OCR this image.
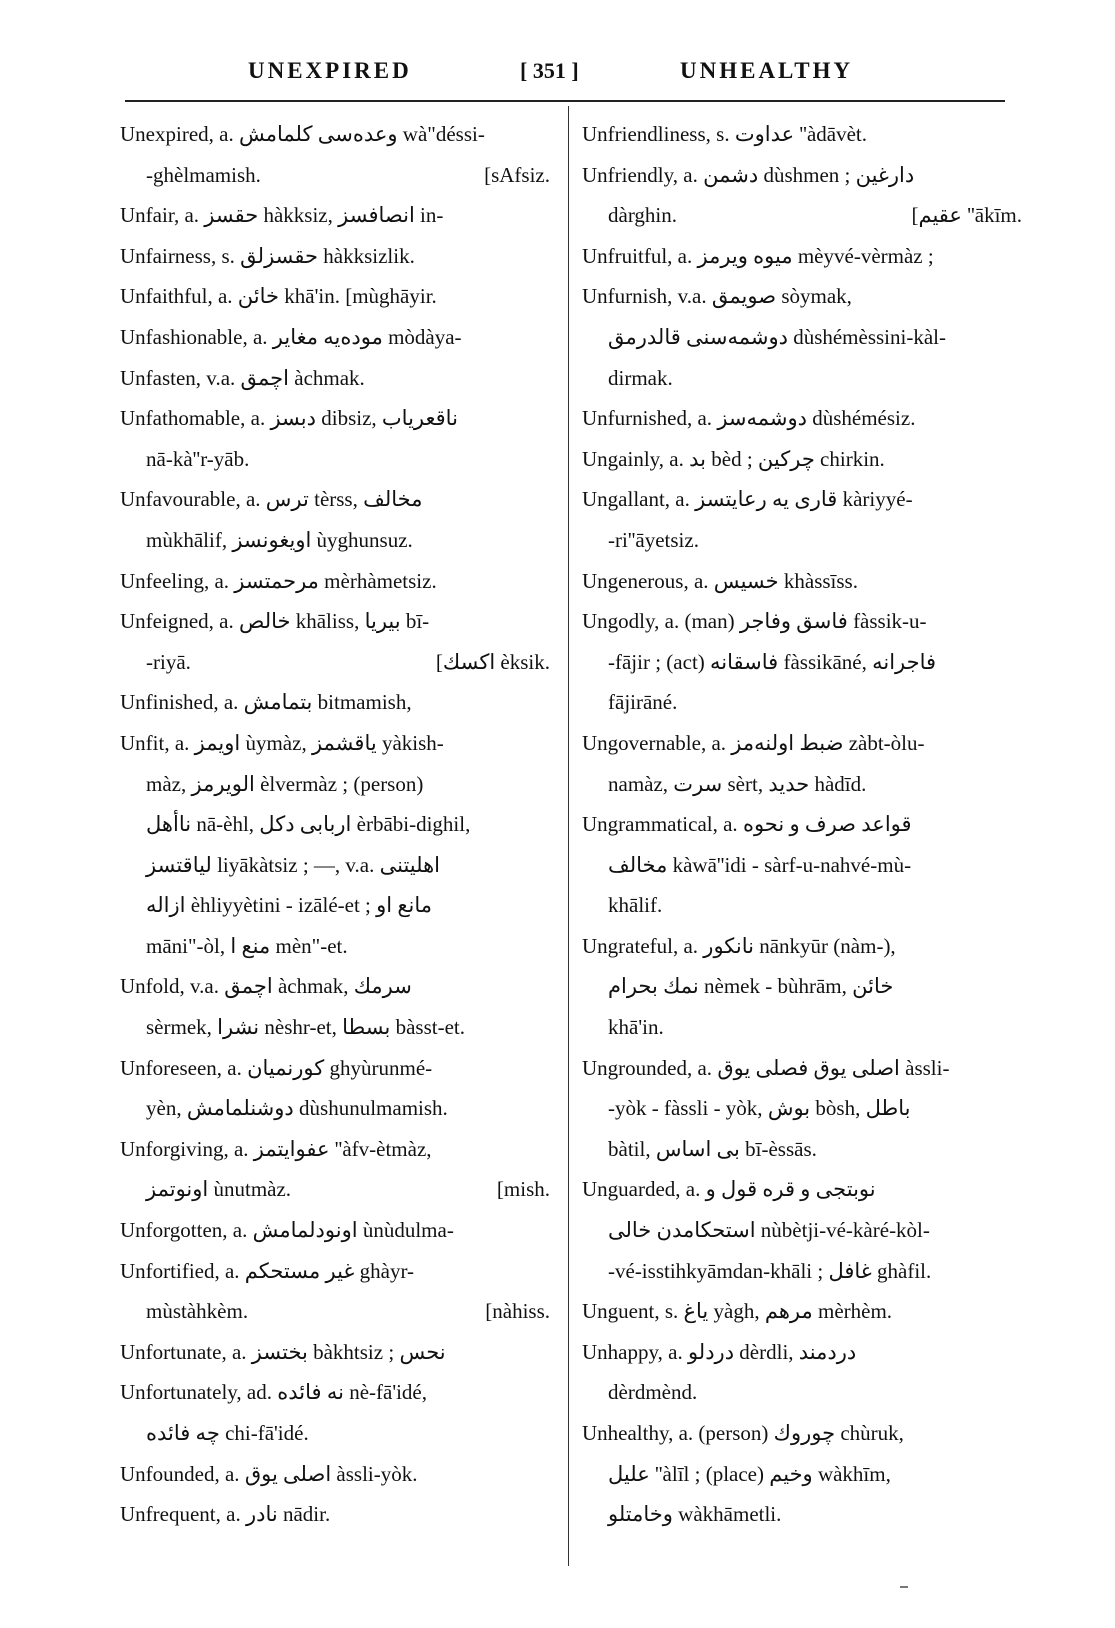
UNEXPIRED	[ 351 ]	UNHEALTHY
Unexpired, a. وعدەسی کلمامش wà"déssi-
-ghèlmamish.	[sAfsiz.
Unfair, a. حقسز hàkksiz, انصافسز in-
Unfairness, s. حقسزلق hàkksizlik.
Unfaithful, a. خائن khā'in. [mùghāyir.
Unfashionable, a. مودەیە مغایر mòdàya-
Unfasten, v.a. اچمق àchmak.
Unfathomable, a. دبسز dibsiz, ناقعریاب
nā-kà''r-yāb.
Unfavourable, a. ترس tèrss, مخالف
mùkhālif, اویغونسز ùyghunsuz.
Unfeeling, a. مرحمتسز mèrhàmetsiz.
Unfeigned, a. خالص khāliss, بیریا bī-
-riyā.	[اکسك èksik.
Unfinished, a. بتمامش bitmamish,
Unfit, a. اویمز ùymàz, یاقشمز yàkish-
màz, الویرمز èlvermàz ; (person)
ناأهل nā-èhl, اربابی دکل èrbābi-dighil,
لیاقتسز liyākàtsiz ; —, v.a. اهلیتنی
ازاله èhliyyètini - izālé-et ; مانع او
māni"-òl, منع ا mèn"-et.
Unfold, v.a. اچمق àchmak, سرمك
sèrmek, نشرا nèshr-et, بسطا bàsst-et.
Unforeseen, a. کورنمیان ghyùrunmé-
yèn, دوشنلمامش dùshunulmamish.
Unforgiving, a. عفوایتمز ''àfv-ètmàz,
اونوتمز ùnutmàz.	[mish.
Unforgotten, a. اونودلمامش ùnùdulma-
Unfortified, a. غیر مستحکم ghàyr-
mùstàhkèm.	[nàhiss.
Unfortunate, a. بختسز bàkhtsiz ; نحس
Unfortunately, ad. نه فائده nè-fā'idé,
چه فائده chi-fā'idé.
Unfounded, a. اصلی یوق àssli-yòk.
Unfrequent, a. نادر nādir.
Unfriendliness, s. عداوت ''àdāvèt.
Unfriendly, a. دشمن dùshmen ; دارغین
dàrghin.	[عقیم ''ākīm.
Unfruitful, a. میوه ویرمز mèyvé-vèrmàz ;
Unfurnish, v.a. صویمق sòymak,
دوشمەسنی قالدرمق dùshémèssini-kàl-
dirmak.
Unfurnished, a. دوشمەسز dùshémésiz.
Ungainly, a. بد bèd ; چرکین chirkin.
Ungallant, a. قاری یه رعایتسز kàriyyé-
-ri''āyetsiz.
Ungenerous, a. خسیس khàssīss.
Ungodly, a. (man) فاسق وفاجر fàssik-u-
-fājir ; (act) فاسقانه fàssikāné, فاجرانه
fājirāné.
Ungovernable, a. ضبط اولنەمز zàbt-òlu-
namàz, سرت sèrt, حدید hàdīd.
Ungrammatical, a. قواعد صرف و نحوه
مخالف kàwā''idi - sàrf-u-nahvé-mù-
khālif.
Ungrateful, a. نانکور nānkyūr (nàm-),
نمك بحرام nèmek - bùhrām, خائن
khā'in.
Ungrounded, a. اصلی یوق فصلی یوق àssli-
-yòk - fàssli - yòk, بوش bòsh, باطل
bàtil, بی اساس bī-èssās.
Unguarded, a. نوبتجی و قره قول و
استحکامدن خالی nùbètji-vé-kàré-kòl-
-vé-isstihkyāmdan-khāli ; غافل ghàfil.
Unguent, s. یاغ yàgh, مرهم mèrhèm.
Unhappy, a. دردلو dèrdli, دردمند
dèrdmènd.
Unhealthy, a. (person) چوروك chùruk,
علیل ''àlīl ; (place) وخیم wàkhīm,
وخامتلو wàkhāmetli.
